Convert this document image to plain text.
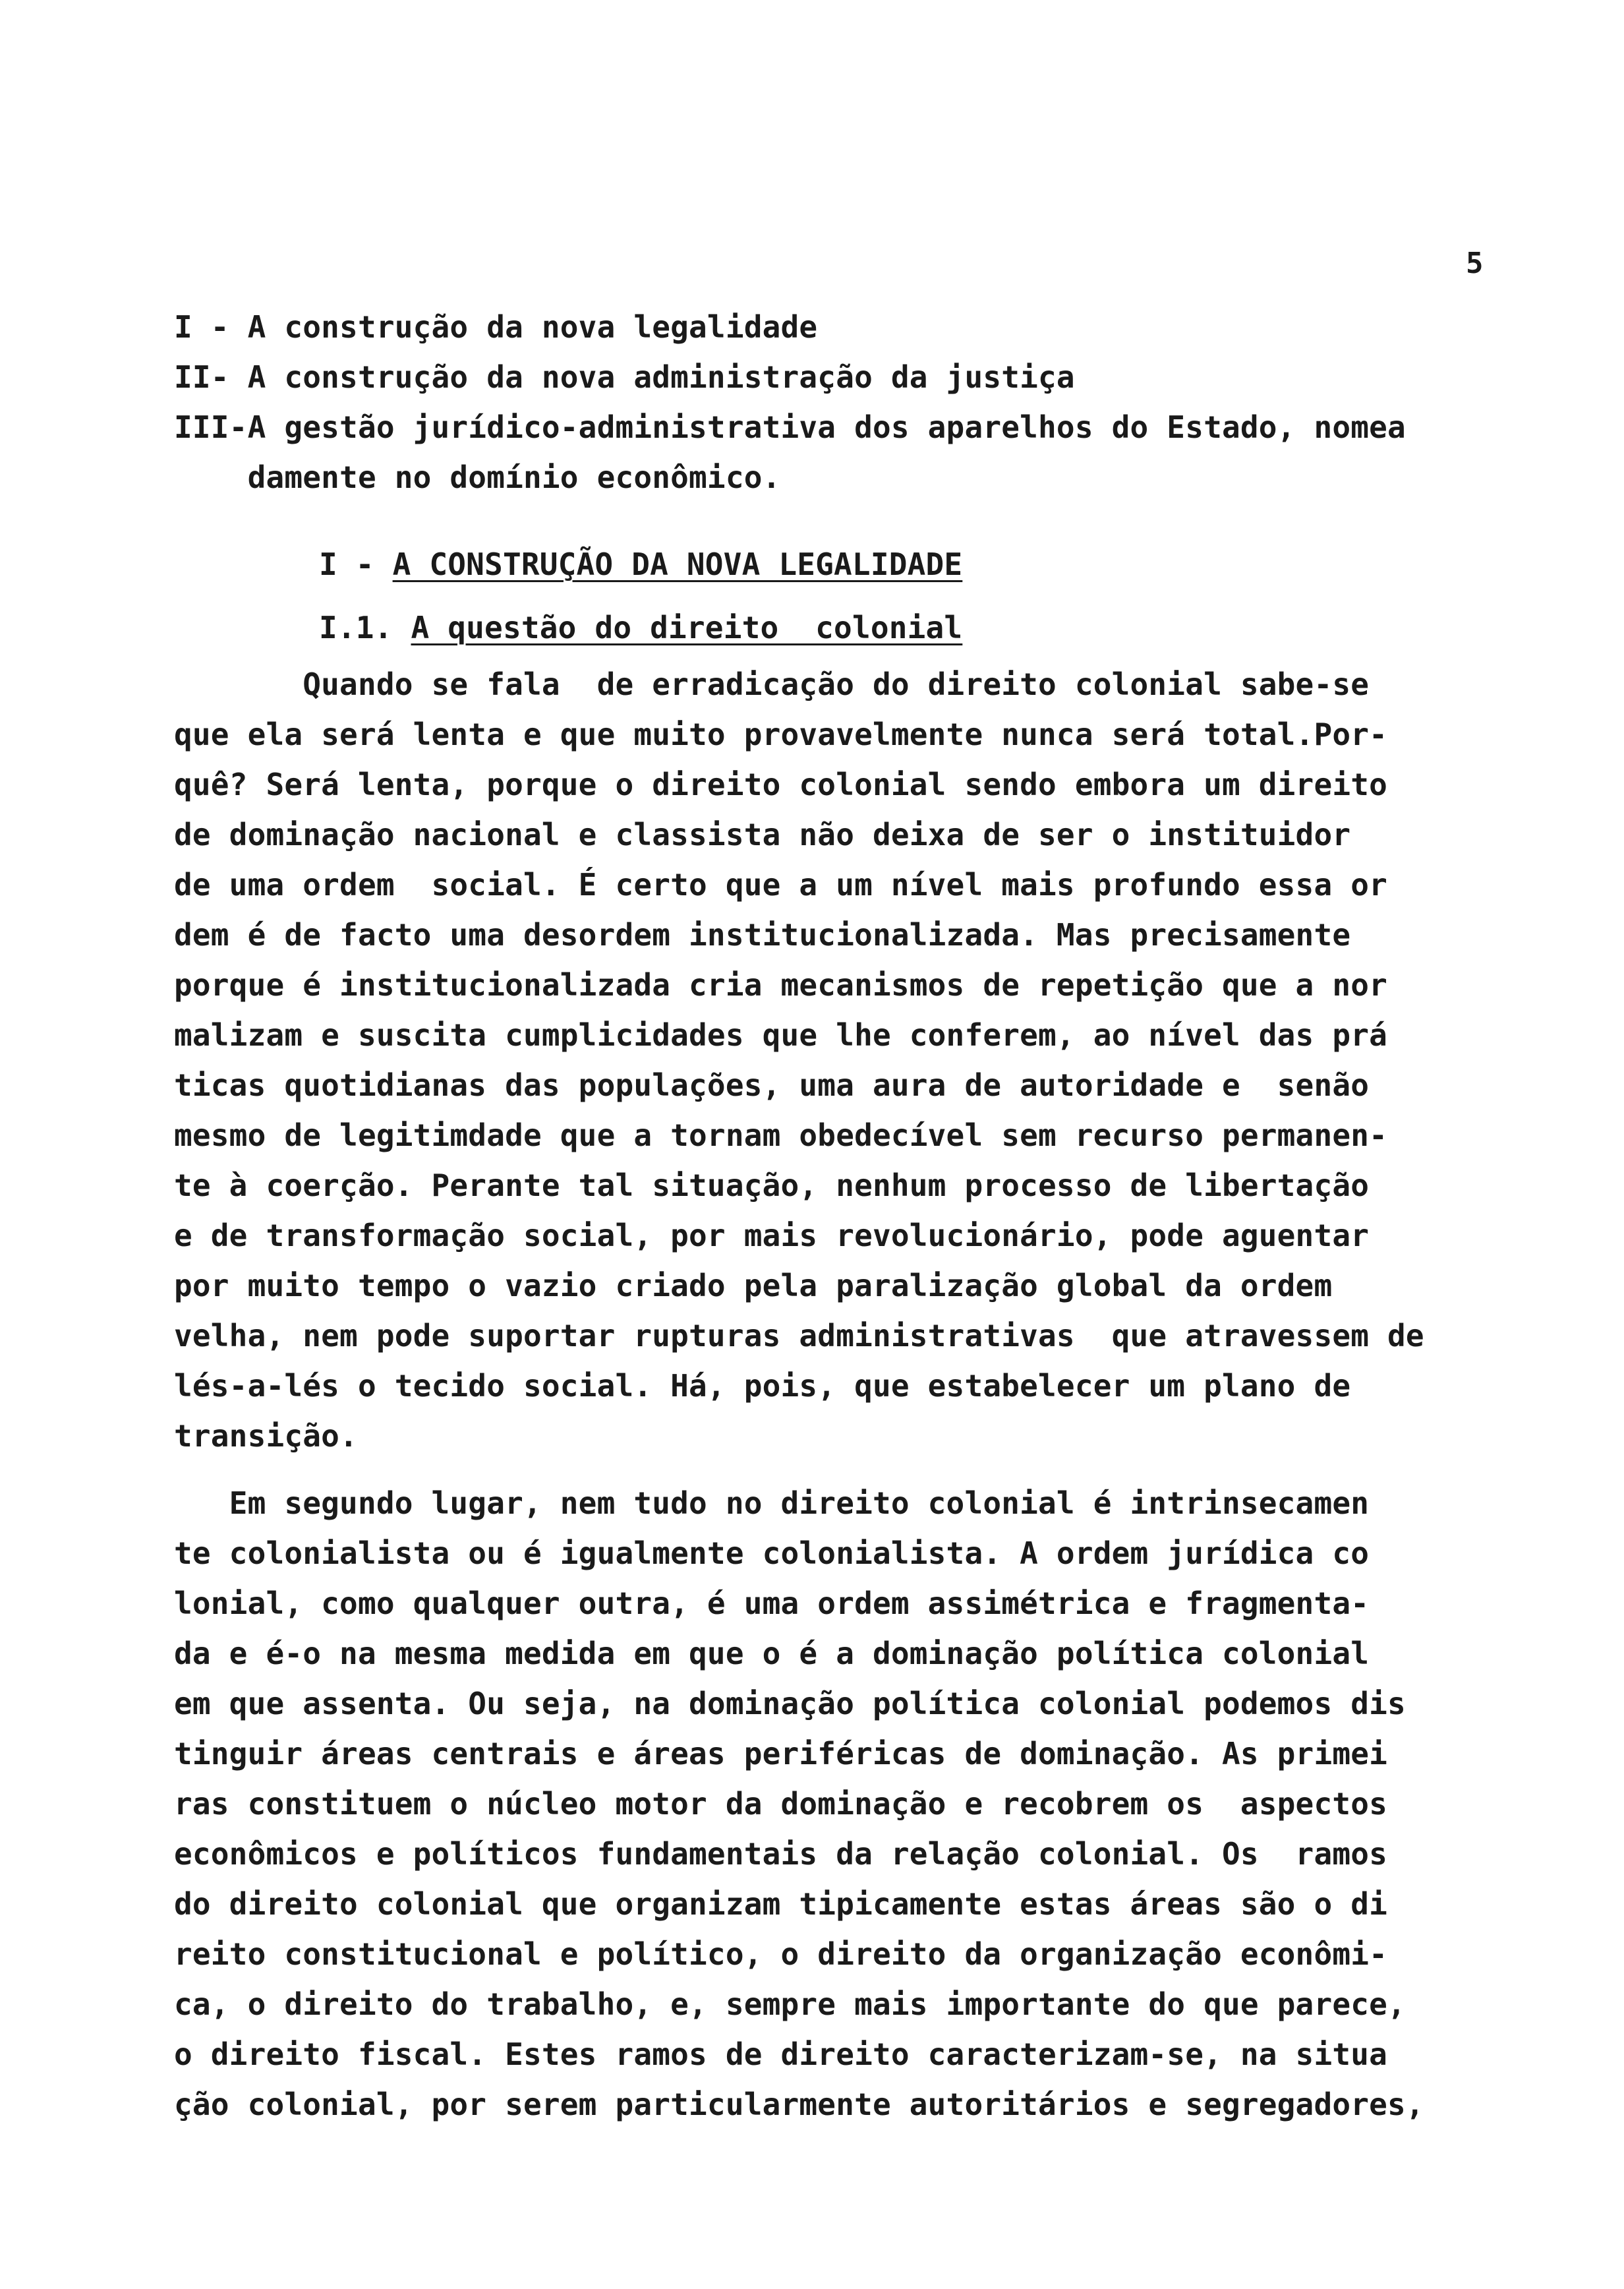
5
I - A construção da nova legalidade
II- A construção da nova administração da justiça
III-A gestão jurídico-administrativa dos aparelhos do Estado, nomea
damente no domínio econômico.
I - A CONSTRUÇÃO DA NOVA LEGALIDADE
I.1. A questão do direito  colonial
Quando se fala  de erradicação do direito colonial sabe-se
que ela será lenta e que muito provavelmente nunca será total.Por-
quê? Será lenta, porque o direito colonial sendo embora um direito
de dominação nacional e classista não deixa de ser o instituidor
de uma ordem  social. É certo que a um nível mais profundo essa or
dem é de facto uma desordem institucionalizada. Mas precisamente
porque é institucionalizada cria mecanismos de repetição que a nor
malizam e suscita cumplicidades que lhe conferem, ao nível das prá
ticas quotidianas das populações, uma aura de autoridade e  senão
mesmo de legitimdade que a tornam obedecível sem recurso permanen-
te à coerção. Perante tal situação, nenhum processo de libertação
e de transformação social, por mais revolucionário, pode aguentar
por muito tempo o vazio criado pela paralização global da ordem
velha, nem pode suportar rupturas administrativas  que atravessem de
lés-a-lés o tecido social. Há, pois, que estabelecer um plano de
transição.
Em segundo lugar, nem tudo no direito colonial é intrinsecamen
te colonialista ou é igualmente colonialista. A ordem jurídica co
lonial, como qualquer outra, é uma ordem assimétrica e fragmenta-
da e é-o na mesma medida em que o é a dominação política colonial
em que assenta. Ou seja, na dominação política colonial podemos dis
tinguir áreas centrais e áreas periféricas de dominação. As primei
ras constituem o núcleo motor da dominação e recobrem os  aspectos
econômicos e políticos fundamentais da relação colonial. Os  ramos
do direito colonial que organizam tipicamente estas áreas são o di
reito constitucional e político, o direito da organização econômi-
ca, o direito do trabalho, e, sempre mais importante do que parece,
o direito fiscal. Estes ramos de direito caracterizam-se, na situa
ção colonial, por serem particularmente autoritários e segregadores,
